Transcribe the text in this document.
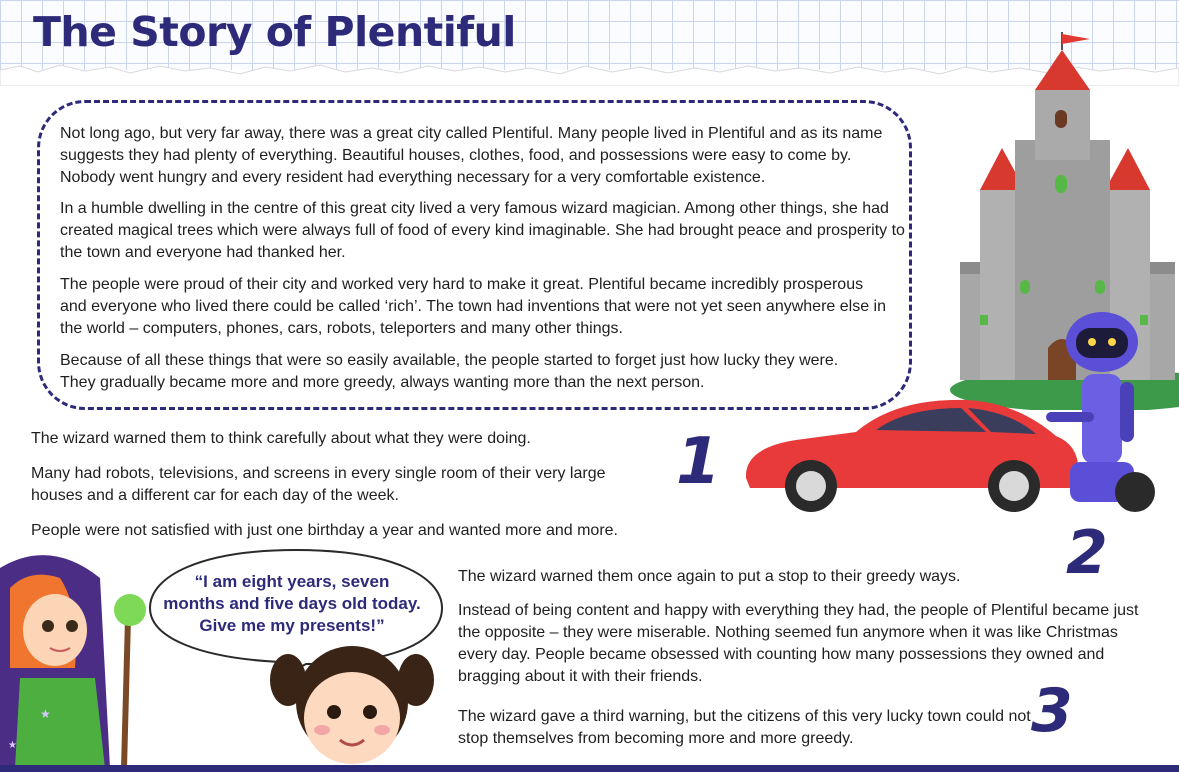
The Story of Plentiful

Not long ago, but very far away, there was a great city called Plentiful. Many people lived in Plentiful and as its name suggests they had plenty of everything. Beautiful houses, clothes, food, and possessions were easy to come by. Nobody went hungry and every resident had everything necessary for a very comfortable existence.

In a humble dwelling in the centre of this great city lived a very famous wizard magician. Among other things, she had created magical trees which were always full of food of every kind imaginable. She had brought peace and prosperity to the town and everyone had thanked her.

The people were proud of their city and worked very hard to make it great. Plentiful became incredibly prosperous and everyone who lived there could be called ‘rich’. The town had inventions that were not yet seen anywhere else in the world – computers, phones, cars, robots, teleporters and many other things.

Because of all these things that were so easily available, the people started to forget just how lucky they were. They gradually became more and more greedy, always wanting more than the next person.

The wizard warned them to think carefully about what they were doing.

Many had robots, televisions, and screens in every single room of their very large houses and a different car for each day of the week.

People were not satisfied with just one birthday a year and wanted more and more.

1
★
★

“I am eight years, seven months and five days old today. Give me my presents!”

The wizard warned them once again to put a stop to their greedy ways.

Instead of being content and happy with everything they had, the people of Plentiful became just the opposite – they were miserable. Nothing seemed fun anymore when it was like Christmas every day. People became obsessed with counting how many possessions they owned and bragging about it with their friends.

2

The wizard gave a third warning, but the citizens of this very lucky town could not stop themselves from becoming more and more greedy.	3
